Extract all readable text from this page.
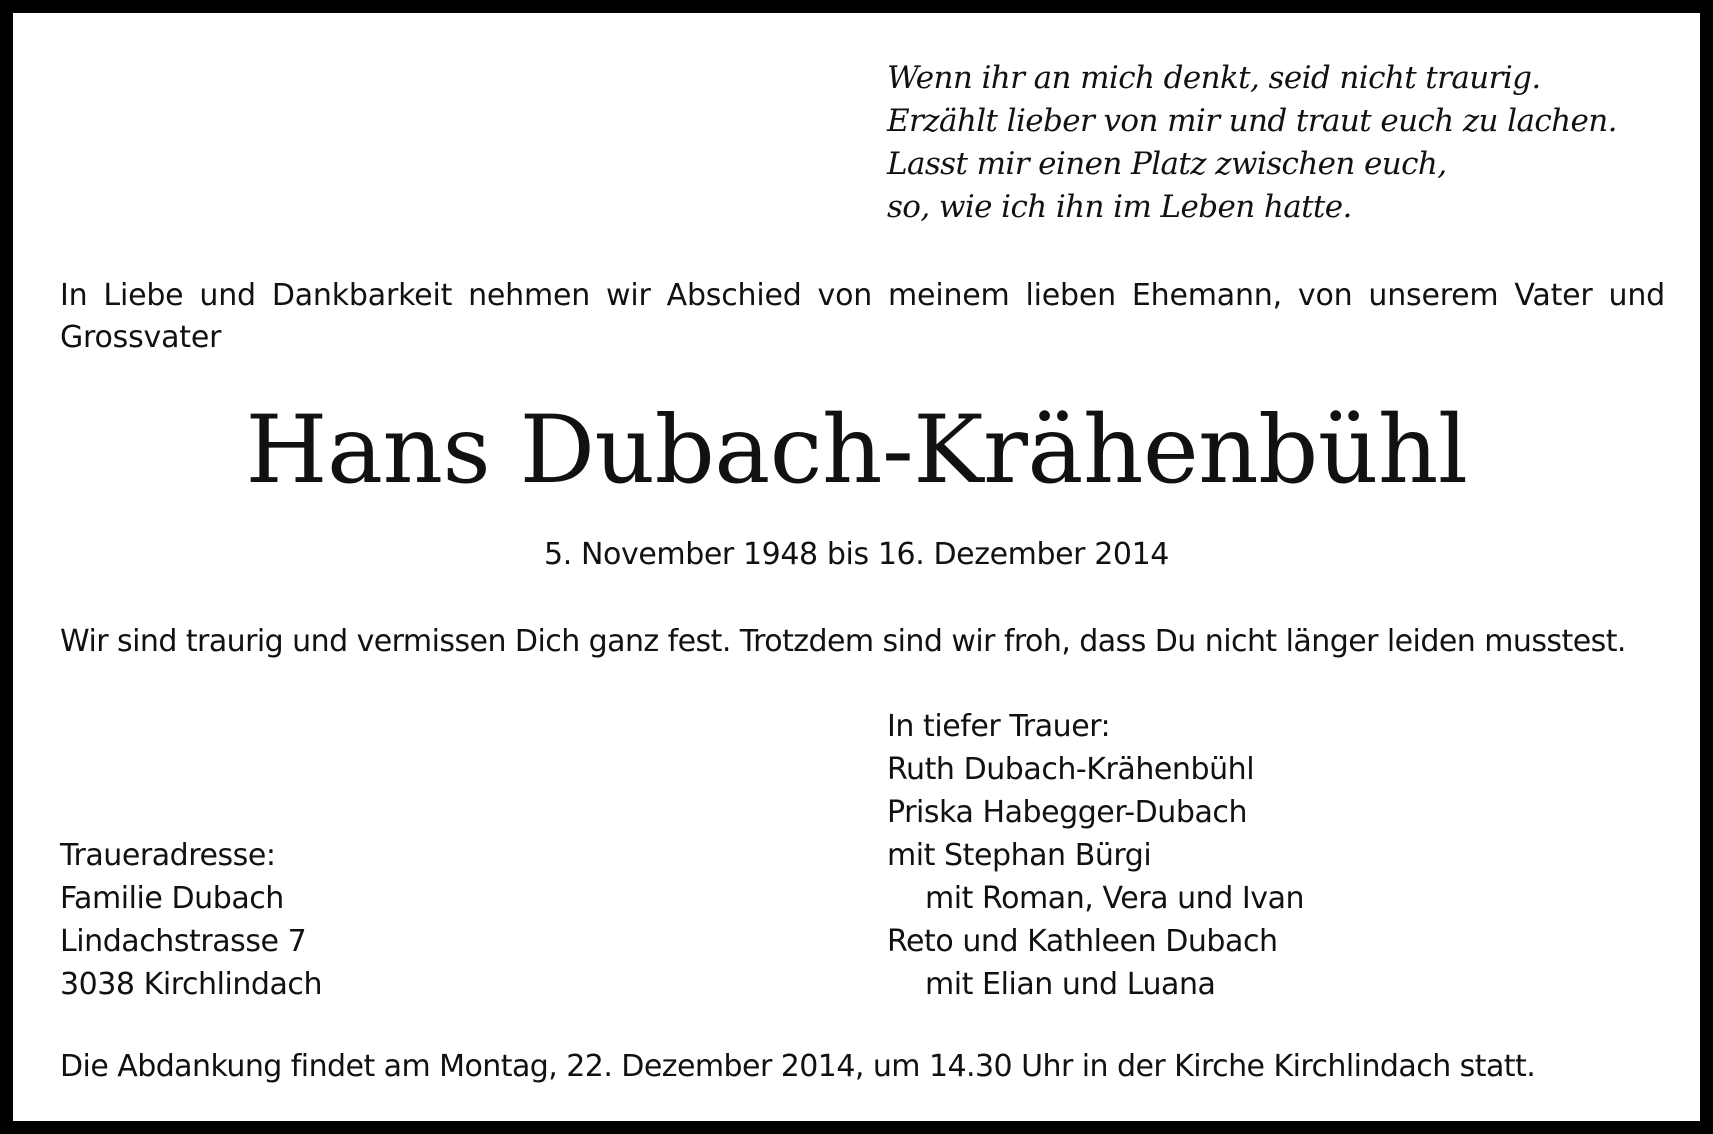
Wenn ihr an mich denkt, seid nicht traurig.
Erzählt lieber von mir und traut euch zu lachen.
Lasst mir einen Platz zwischen euch,
so, wie ich ihn im Leben hatte.
In Liebe und Dankbarkeit nehmen wir Abschied von meinem lieben Ehemann, von unserem Vater und Grossvater
Hans Dubach-Krähenbühl
5. November 1948 bis 16. Dezember 2014
Wir sind traurig und vermissen Dich ganz fest. Trotzdem sind wir froh, dass Du nicht länger leiden musstest.
In tiefer Trauer:
Ruth Dubach-Krähenbühl
Priska Habegger-Dubach
mit Stephan Bürgi
mit Roman, Vera und Ivan
Reto und Kathleen Dubach
mit Elian und Luana
Traueradresse:
Familie Dubach
Lindachstrasse 7
3038 Kirchlindach
Die Abdankung findet am Montag, 22. Dezember 2014, um 14.30 Uhr in der Kirche Kirchlindach statt.
